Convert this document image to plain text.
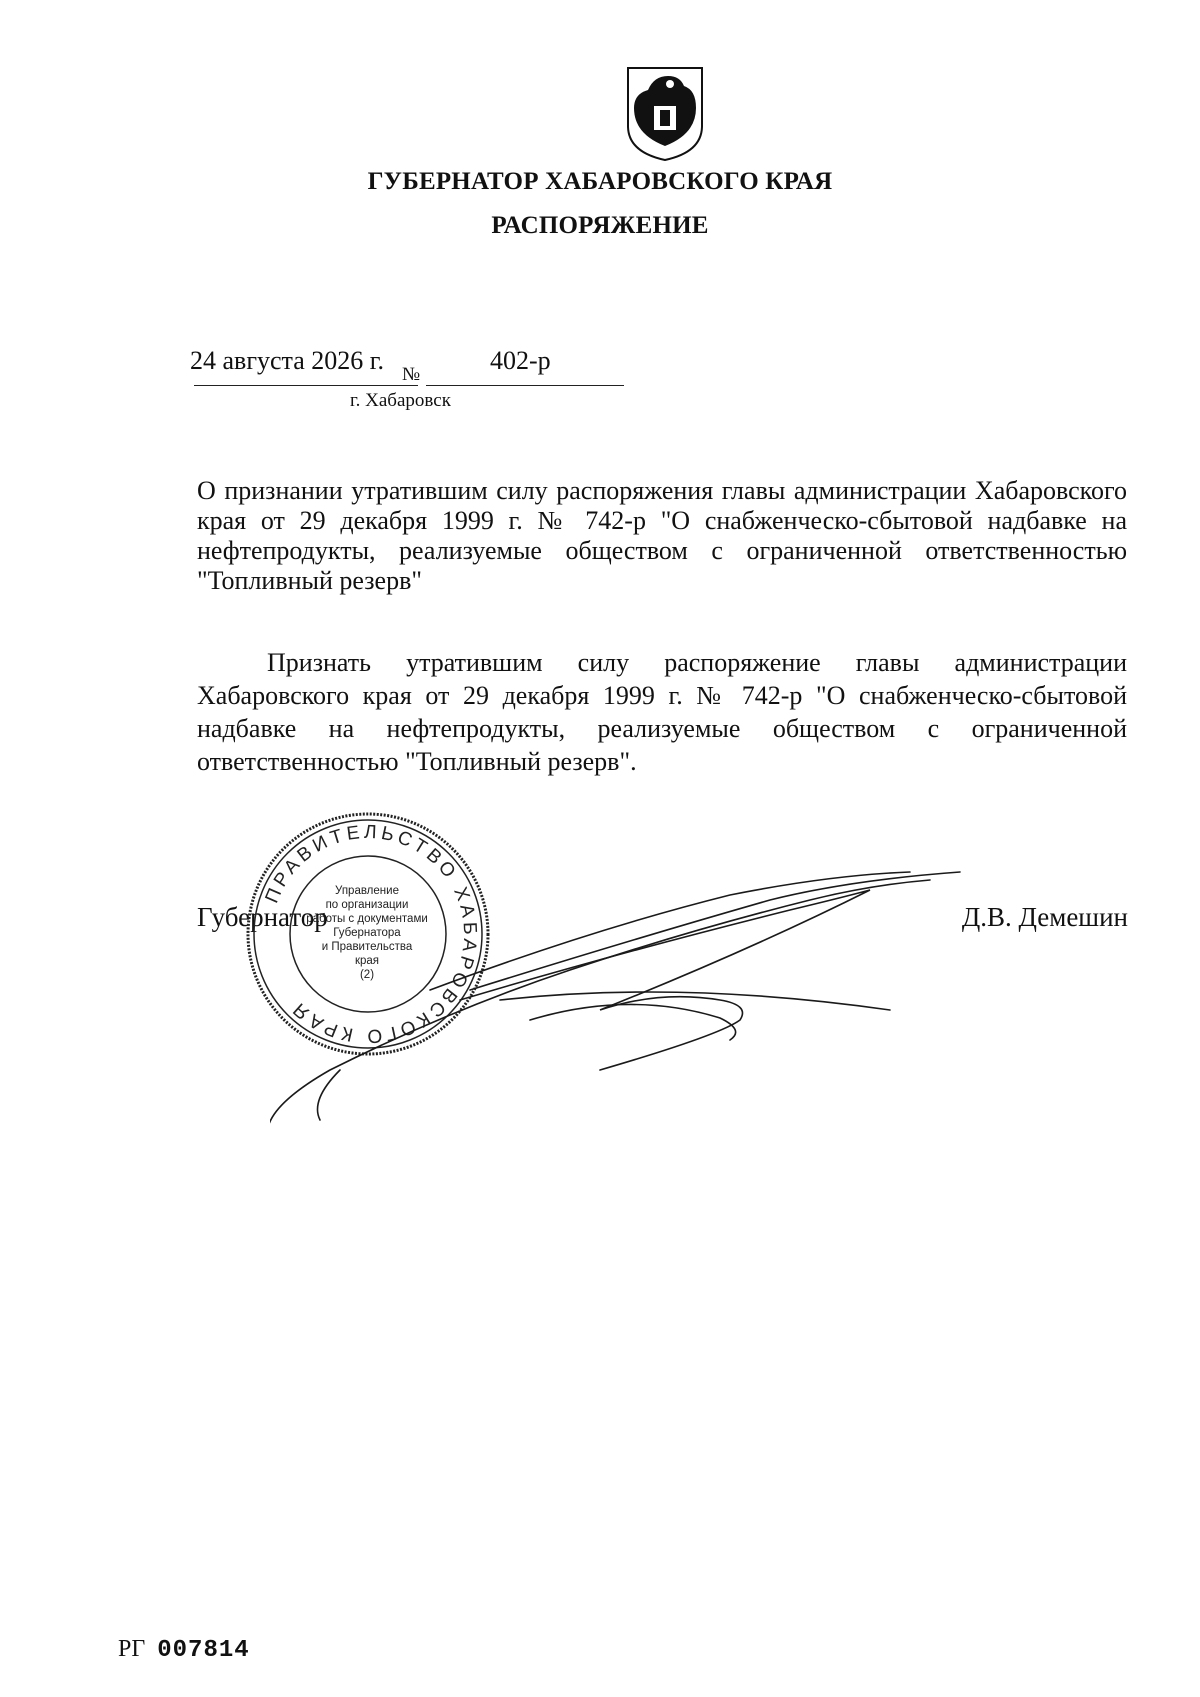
ГУБЕРНАТОР ХАБАРОВСКОГО КРАЯ
РАСПОРЯЖЕНИЕ
24 августа 2026 г. №	402-р
г. Хабаровск
О признании утратившим силу распоряжения главы администрации Хабаровского края от 29 декабря 1999 г. № 742-р "О снабженческо-сбытовой надбавке на нефтепродукты, реализуемые обществом с ограниченной ответственностью "Топливный резерв"
Признать утратившим силу распоряжение главы администрации Хабаровского края от 29 декабря 1999 г. № 742-р "О снабженческо-сбытовой надбавке на нефтепродукты, реализуемые обществом с ограниченной ответственностью "Топливный резерв".
Губернатор	Д.В. Демешин
ПРАВИТЕЛЬСТВО ХАБАРОВСКОГО КРАЯ
Управление
по организации
работы с документами
Губернатора
и Правительства
края
(2)
РГ 007814
